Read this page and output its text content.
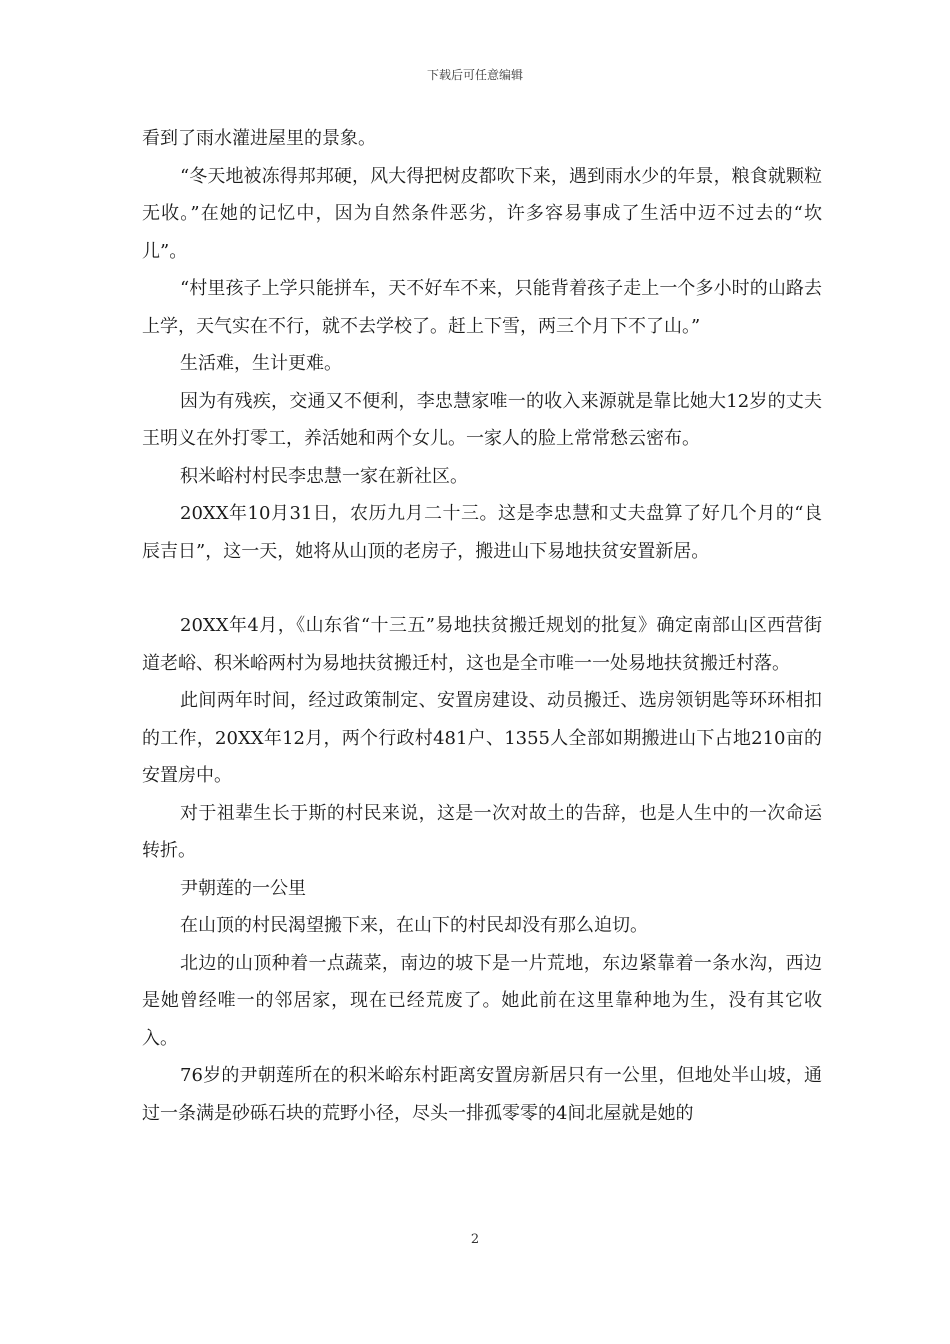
下载后可任意编辑

看到了雨水灌进屋里的景象。

“冬天地被冻得邦邦硬，风大得把树皮都吹下来，遇到雨水少的年景，粮食就颗粒无收。”在她的记忆中，因为自然条件恶劣，许多容易事成了生活中迈不过去的“坎儿”。

“村里孩子上学只能拼车，天不好车不来，只能背着孩子走上一个多小时的山路去上学，天气实在不行，就不去学校了。赶上下雪，两三个月下不了山。”

生活难，生计更难。

因为有残疾，交通又不便利，李忠慧家唯一的收入来源就是靠比她大12岁的丈夫王明义在外打零工，养活她和两个女儿。一家人的脸上常常愁云密布。

积米峪村村民李忠慧一家在新社区。

20XX年10月31日，农历九月二十三。这是李忠慧和丈夫盘算了好几个月的“良辰吉日”，这一天，她将从山顶的老房子，搬进山下易地扶贫安置新居。

20XX年4月，《山东省“十三五”易地扶贫搬迁规划的批复》确定南部山区西营街道老峪、积米峪两村为易地扶贫搬迁村，这也是全市唯一一处易地扶贫搬迁村落。

此间两年时间，经过政策制定、安置房建设、动员搬迁、选房领钥匙等环环相扣的工作，20XX年12月，两个行政村481户、1355人全部如期搬进山下占地210亩的安置房中。

对于祖辈生长于斯的村民来说，这是一次对故土的告辞，也是人生中的一次命运转折。

尹朝莲的一公里

在山顶的村民渴望搬下来，在山下的村民却没有那么迫切。

北边的山顶种着一点蔬菜，南边的坡下是一片荒地，东边紧靠着一条水沟，西边是她曾经唯一的邻居家，现在已经荒废了。她此前在这里靠种地为生，没有其它收入。

76岁的尹朝莲所在的积米峪东村距离安置房新居只有一公里，但地处半山坡，通过一条满是砂砾石块的荒野小径，尽头一排孤零零的4间北屋就是她的

2
